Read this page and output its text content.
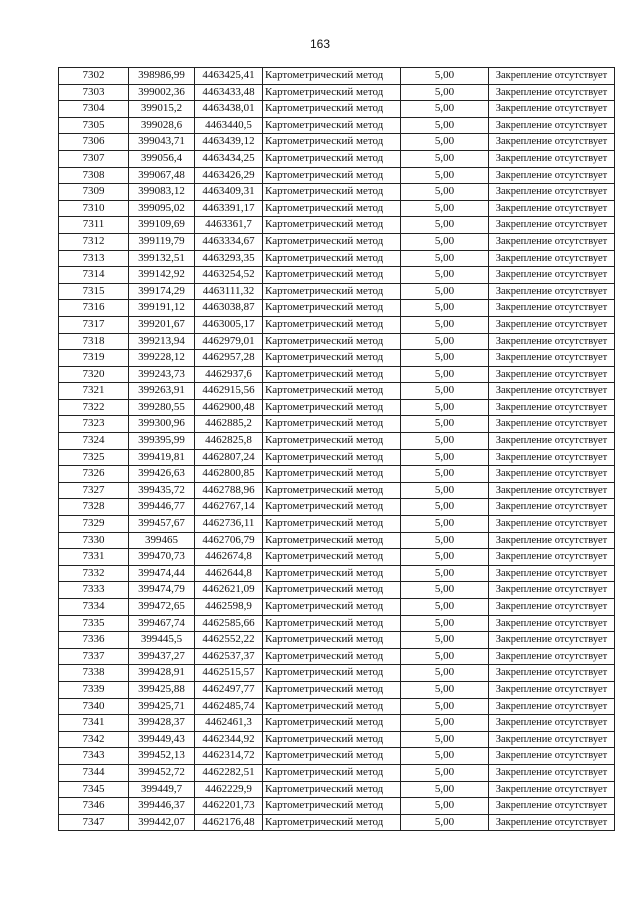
163
7302	398986,99	4463425,41	Картометрический метод	5,00	Закрепление отсутствует
7303	399002,36	4463433,48	Картометрический метод	5,00	Закрепление отсутствует
7304	399015,2	4463438,01	Картометрический метод	5,00	Закрепление отсутствует
7305	399028,6	4463440,5	Картометрический метод	5,00	Закрепление отсутствует
7306	399043,71	4463439,12	Картометрический метод	5,00	Закрепление отсутствует
7307	399056,4	4463434,25	Картометрический метод	5,00	Закрепление отсутствует
7308	399067,48	4463426,29	Картометрический метод	5,00	Закрепление отсутствует
7309	399083,12	4463409,31	Картометрический метод	5,00	Закрепление отсутствует
7310	399095,02	4463391,17	Картометрический метод	5,00	Закрепление отсутствует
7311	399109,69	4463361,7	Картометрический метод	5,00	Закрепление отсутствует
7312	399119,79	4463334,67	Картометрический метод	5,00	Закрепление отсутствует
7313	399132,51	4463293,35	Картометрический метод	5,00	Закрепление отсутствует
7314	399142,92	4463254,52	Картометрический метод	5,00	Закрепление отсутствует
7315	399174,29	4463111,32	Картометрический метод	5,00	Закрепление отсутствует
7316	399191,12	4463038,87	Картометрический метод	5,00	Закрепление отсутствует
7317	399201,67	4463005,17	Картометрический метод	5,00	Закрепление отсутствует
7318	399213,94	4462979,01	Картометрический метод	5,00	Закрепление отсутствует
7319	399228,12	4462957,28	Картометрический метод	5,00	Закрепление отсутствует
7320	399243,73	4462937,6	Картометрический метод	5,00	Закрепление отсутствует
7321	399263,91	4462915,56	Картометрический метод	5,00	Закрепление отсутствует
7322	399280,55	4462900,48	Картометрический метод	5,00	Закрепление отсутствует
7323	399300,96	4462885,2	Картометрический метод	5,00	Закрепление отсутствует
7324	399395,99	4462825,8	Картометрический метод	5,00	Закрепление отсутствует
7325	399419,81	4462807,24	Картометрический метод	5,00	Закрепление отсутствует
7326	399426,63	4462800,85	Картометрический метод	5,00	Закрепление отсутствует
7327	399435,72	4462788,96	Картометрический метод	5,00	Закрепление отсутствует
7328	399446,77	4462767,14	Картометрический метод	5,00	Закрепление отсутствует
7329	399457,67	4462736,11	Картометрический метод	5,00	Закрепление отсутствует
7330	399465	4462706,79	Картометрический метод	5,00	Закрепление отсутствует
7331	399470,73	4462674,8	Картометрический метод	5,00	Закрепление отсутствует
7332	399474,44	4462644,8	Картометрический метод	5,00	Закрепление отсутствует
7333	399474,79	4462621,09	Картометрический метод	5,00	Закрепление отсутствует
7334	399472,65	4462598,9	Картометрический метод	5,00	Закрепление отсутствует
7335	399467,74	4462585,66	Картометрический метод	5,00	Закрепление отсутствует
7336	399445,5	4462552,22	Картометрический метод	5,00	Закрепление отсутствует
7337	399437,27	4462537,37	Картометрический метод	5,00	Закрепление отсутствует
7338	399428,91	4462515,57	Картометрический метод	5,00	Закрепление отсутствует
7339	399425,88	4462497,77	Картометрический метод	5,00	Закрепление отсутствует
7340	399425,71	4462485,74	Картометрический метод	5,00	Закрепление отсутствует
7341	399428,37	4462461,3	Картометрический метод	5,00	Закрепление отсутствует
7342	399449,43	4462344,92	Картометрический метод	5,00	Закрепление отсутствует
7343	399452,13	4462314,72	Картометрический метод	5,00	Закрепление отсутствует
7344	399452,72	4462282,51	Картометрический метод	5,00	Закрепление отсутствует
7345	399449,7	4462229,9	Картометрический метод	5,00	Закрепление отсутствует
7346	399446,37	4462201,73	Картометрический метод	5,00	Закрепление отсутствует
7347	399442,07	4462176,48	Картометрический метод	5,00	Закрепление отсутствует
